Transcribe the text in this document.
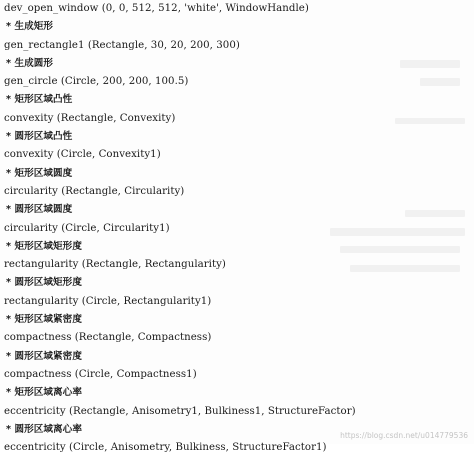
dev_open_window (0, 0, 512, 512, 'white', WindowHandle)
* 生成矩形
gen_rectangle1 (Rectangle, 30, 20, 200, 300)
* 生成圆形
gen_circle (Circle, 200, 200, 100.5)
* 矩形区域凸性
convexity (Rectangle, Convexity)
* 圆形区域凸性
convexity (Circle, Convexity1)
* 矩形区域圆度
circularity (Rectangle, Circularity)
* 圆形区域圆度
circularity (Circle, Circularity1)
* 矩形区域矩形度
rectangularity (Rectangle, Rectangularity)
* 圆形区域矩形度
rectangularity (Circle, Rectangularity1)
* 矩形区域紧密度
compactness (Rectangle, Compactness)
* 圆形区域紧密度
compactness (Circle, Compactness1)
* 矩形区域离心率
eccentricity (Rectangle, Anisometry1, Bulkiness1, StructureFactor)
* 圆形区域离心率
eccentricity (Circle, Anisometry, Bulkiness, StructureFactor1)
https://blog.csdn.net/u014779536
